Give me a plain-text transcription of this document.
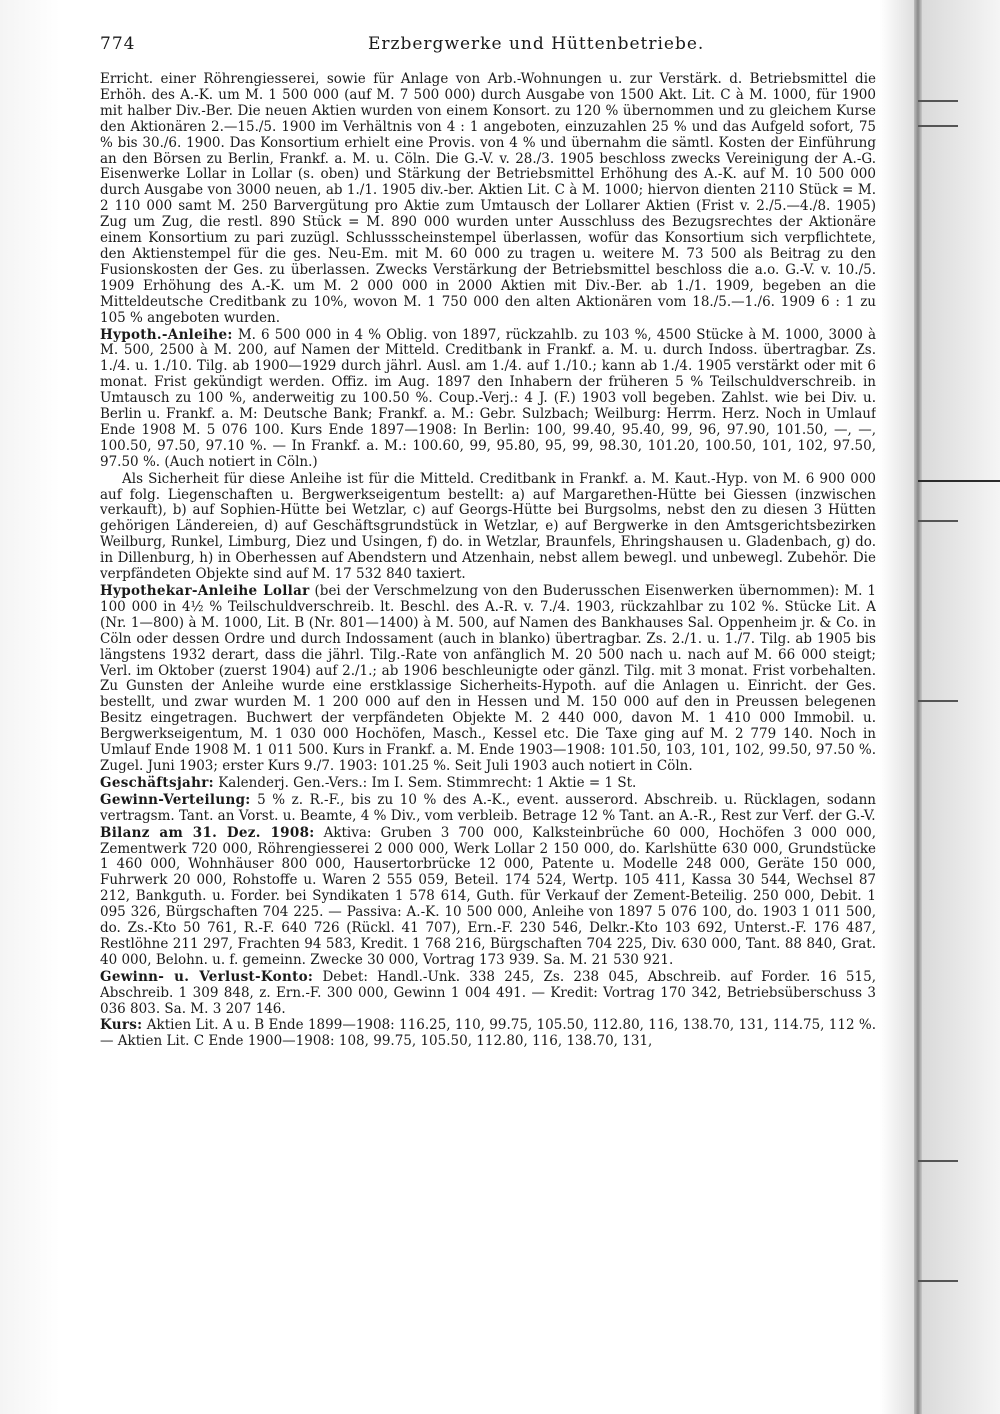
774	Erzbergwerke und Hüttenbetriebe.

Erricht. einer Röhrengiesserei, sowie für Anlage von Arb.-Wohnungen u. zur Verstärk. d. Betriebsmittel die Erhöh. des A.-K. um M. 1 500 000 (auf M. 7 500 000) durch Ausgabe von 1500 Akt. Lit. C à M. 1000, für 1900 mit halber Div.-Ber. Die neuen Aktien wurden von einem Konsort. zu 120 % übernommen und zu gleichem Kurse den Aktionären 2.—15./5. 1900 im Verhältnis von 4 : 1 angeboten, einzuzahlen 25 % und das Aufgeld sofort, 75 % bis 30./6. 1900. Das Konsortium erhielt eine Provis. von 4 % und übernahm die sämtl. Kosten der Einführung an den Börsen zu Berlin, Frankf. a. M. u. Cöln. Die G.-V. v. 28./3. 1905 beschloss zwecks Vereinigung der A.-G. Eisenwerke Lollar in Lollar (s. oben) und Stärkung der Betriebsmittel Erhöhung des A.-K. auf M. 10 500 000 durch Ausgabe von 3000 neuen, ab 1./1. 1905 div.-ber. Aktien Lit. C à M. 1000; hiervon dienten 2110 Stück = M. 2 110 000 samt M. 250 Barvergütung pro Aktie zum Umtausch der Lollarer Aktien (Frist v. 2./5.—4./8. 1905) Zug um Zug, die restl. 890 Stück = M. 890 000 wurden unter Ausschluss des Bezugsrechtes der Aktionäre einem Konsortium zu pari zuzügl. Schlussscheinstempel überlassen, wofür das Konsortium sich verpflichtete, den Aktienstempel für die ges. Neu-Em. mit M. 60 000 zu tragen u. weitere M. 73 500 als Beitrag zu den Fusionskosten der Ges. zu überlassen. Zwecks Verstärkung der Betriebsmittel beschloss die a.o. G.-V. v. 10./5. 1909 Erhöhung des A.-K. um M. 2 000 000 in 2000 Aktien mit Div.-Ber. ab 1./1. 1909, begeben an die Mitteldeutsche Creditbank zu 10%, wovon M. 1 750 000 den alten Aktionären vom 18./5.—1./6. 1909 6 : 1 zu 105 % angeboten wurden.

Hypoth.-Anleihe: M. 6 500 000 in 4 % Oblig. von 1897, rückzahlb. zu 103 %, 4500 Stücke à M. 1000, 3000 à M. 500, 2500 à M. 200, auf Namen der Mitteld. Creditbank in Frankf. a. M. u. durch Indoss. übertragbar. Zs. 1./4. u. 1./10. Tilg. ab 1900—1929 durch jährl. Ausl. am 1./4. auf 1./10.; kann ab 1./4. 1905 verstärkt oder mit 6 monat. Frist gekündigt werden. Offiz. im Aug. 1897 den Inhabern der früheren 5 % Teilschuldverschreib. in Umtausch zu 100 %, anderweitig zu 100.50 %. Coup.-Verj.: 4 J. (F.) 1903 voll begeben. Zahlst. wie bei Div. u. Berlin u. Frankf. a. M: Deutsche Bank; Frankf. a. M.: Gebr. Sulzbach; Weilburg: Herrm. Herz. Noch in Umlauf Ende 1908 M. 5 076 100. Kurs Ende 1897—1908: In Berlin: 100, 99.40, 95.40, 99, 96, 97.90, 101.50, —, —, 100.50, 97.50, 97.10 %. — In Frankf. a. M.: 100.60, 99, 95.80, 95, 99, 98.30, 101.20, 100.50, 101, 102, 97.50, 97.50 %. (Auch notiert in Cöln.)

Als Sicherheit für diese Anleihe ist für die Mitteld. Creditbank in Frankf. a. M. Kaut.-Hyp. von M. 6 900 000 auf folg. Liegenschaften u. Bergwerkseigentum bestellt: a) auf Margarethen-Hütte bei Giessen (inzwischen verkauft), b) auf Sophien-Hütte bei Wetzlar, c) auf Georgs-Hütte bei Burgsolms, nebst den zu diesen 3 Hütten gehörigen Ländereien, d) auf Geschäftsgrundstück in Wetzlar, e) auf Bergwerke in den Amtsgerichtsbezirken Weilburg, Runkel, Limburg, Diez und Usingen, f) do. in Wetzlar, Braunfels, Ehringshausen u. Gladenbach, g) do. in Dillenburg, h) in Oberhessen auf Abendstern und Atzenhain, nebst allem bewegl. und unbewegl. Zubehör. Die verpfändeten Objekte sind auf M. 17 532 840 taxiert.

Hypothekar-Anleihe Lollar (bei der Verschmelzung von den Buderusschen Eisenwerken übernommen): M. 1 100 000 in 4½ % Teilschuldverschreib. lt. Beschl. des A.-R. v. 7./4. 1903, rückzahlbar zu 102 %. Stücke Lit. A (Nr. 1—800) à M. 1000, Lit. B (Nr. 801—1400) à M. 500, auf Namen des Bankhauses Sal. Oppenheim jr. & Co. in Cöln oder dessen Ordre und durch Indossament (auch in blanko) übertragbar. Zs. 2./1. u. 1./7. Tilg. ab 1905 bis längstens 1932 derart, dass die jährl. Tilg.-Rate von anfänglich M. 20 500 nach u. nach auf M. 66 000 steigt; Verl. im Oktober (zuerst 1904) auf 2./1.; ab 1906 beschleunigte oder gänzl. Tilg. mit 3 monat. Frist vorbehalten. Zu Gunsten der Anleihe wurde eine erstklassige Sicherheits-Hypoth. auf die Anlagen u. Einricht. der Ges. bestellt, und zwar wurden M. 1 200 000 auf den in Hessen und M. 150 000 auf den in Preussen belegenen Besitz eingetragen. Buchwert der verpfändeten Objekte M. 2 440 000, davon M. 1 410 000 Immobil. u. Bergwerkseigentum, M. 1 030 000 Hochöfen, Masch., Kessel etc. Die Taxe ging auf M. 2 779 140. Noch in Umlauf Ende 1908 M. 1 011 500. Kurs in Frankf. a. M. Ende 1903—1908: 101.50, 103, 101, 102, 99.50, 97.50 %. Zugel. Juni 1903; erster Kurs 9./7. 1903: 101.25 %. Seit Juli 1903 auch notiert in Cöln.

Geschäftsjahr: Kalenderj. Gen.-Vers.: Im I. Sem. Stimmrecht: 1 Aktie = 1 St.

Gewinn-Verteilung: 5 % z. R.-F., bis zu 10 % des A.-K., event. ausserord. Abschreib. u. Rücklagen, sodann vertragsm. Tant. an Vorst. u. Beamte, 4 % Div., vom verbleib. Betrage 12 % Tant. an A.-R., Rest zur Verf. der G.-V.

Bilanz am 31. Dez. 1908: Aktiva: Gruben 3 700 000, Kalksteinbrüche 60 000, Hochöfen 3 000 000, Zementwerk 720 000, Röhrengiesserei 2 000 000, Werk Lollar 2 150 000, do. Karlshütte 630 000, Grundstücke 1 460 000, Wohnhäuser 800 000, Hausertorbrücke 12 000, Patente u. Modelle 248 000, Geräte 150 000, Fuhrwerk 20 000, Rohstoffe u. Waren 2 555 059, Beteil. 174 524, Wertp. 105 411, Kassa 30 544, Wechsel 87 212, Bankguth. u. Forder. bei Syndikaten 1 578 614, Guth. für Verkauf der Zement-Beteilig. 250 000, Debit. 1 095 326, Bürgschaften 704 225. — Passiva: A.-K. 10 500 000, Anleihe von 1897 5 076 100, do. 1903 1 011 500, do. Zs.-Kto 50 761, R.-F. 640 726 (Rückl. 41 707), Ern.-F. 230 546, Delkr.-Kto 103 692, Unterst.-F. 176 487, Restlöhne 211 297, Frachten 94 583, Kredit. 1 768 216, Bürgschaften 704 225, Div. 630 000, Tant. 88 840, Grat. 40 000, Belohn. u. f. gemeinn. Zwecke 30 000, Vortrag 173 939. Sa. M. 21 530 921.

Gewinn- u. Verlust-Konto: Debet: Handl.-Unk. 338 245, Zs. 238 045, Abschreib. auf Forder. 16 515, Abschreib. 1 309 848, z. Ern.-F. 300 000, Gewinn 1 004 491. — Kredit: Vortrag 170 342, Betriebsüberschuss 3 036 803. Sa. M. 3 207 146.

Kurs: Aktien Lit. A u. B Ende 1899—1908: 116.25, 110, 99.75, 105.50, 112.80, 116, 138.70, 131, 114.75, 112 %. — Aktien Lit. C Ende 1900—1908: 108, 99.75, 105.50, 112.80, 116, 138.70, 131,
